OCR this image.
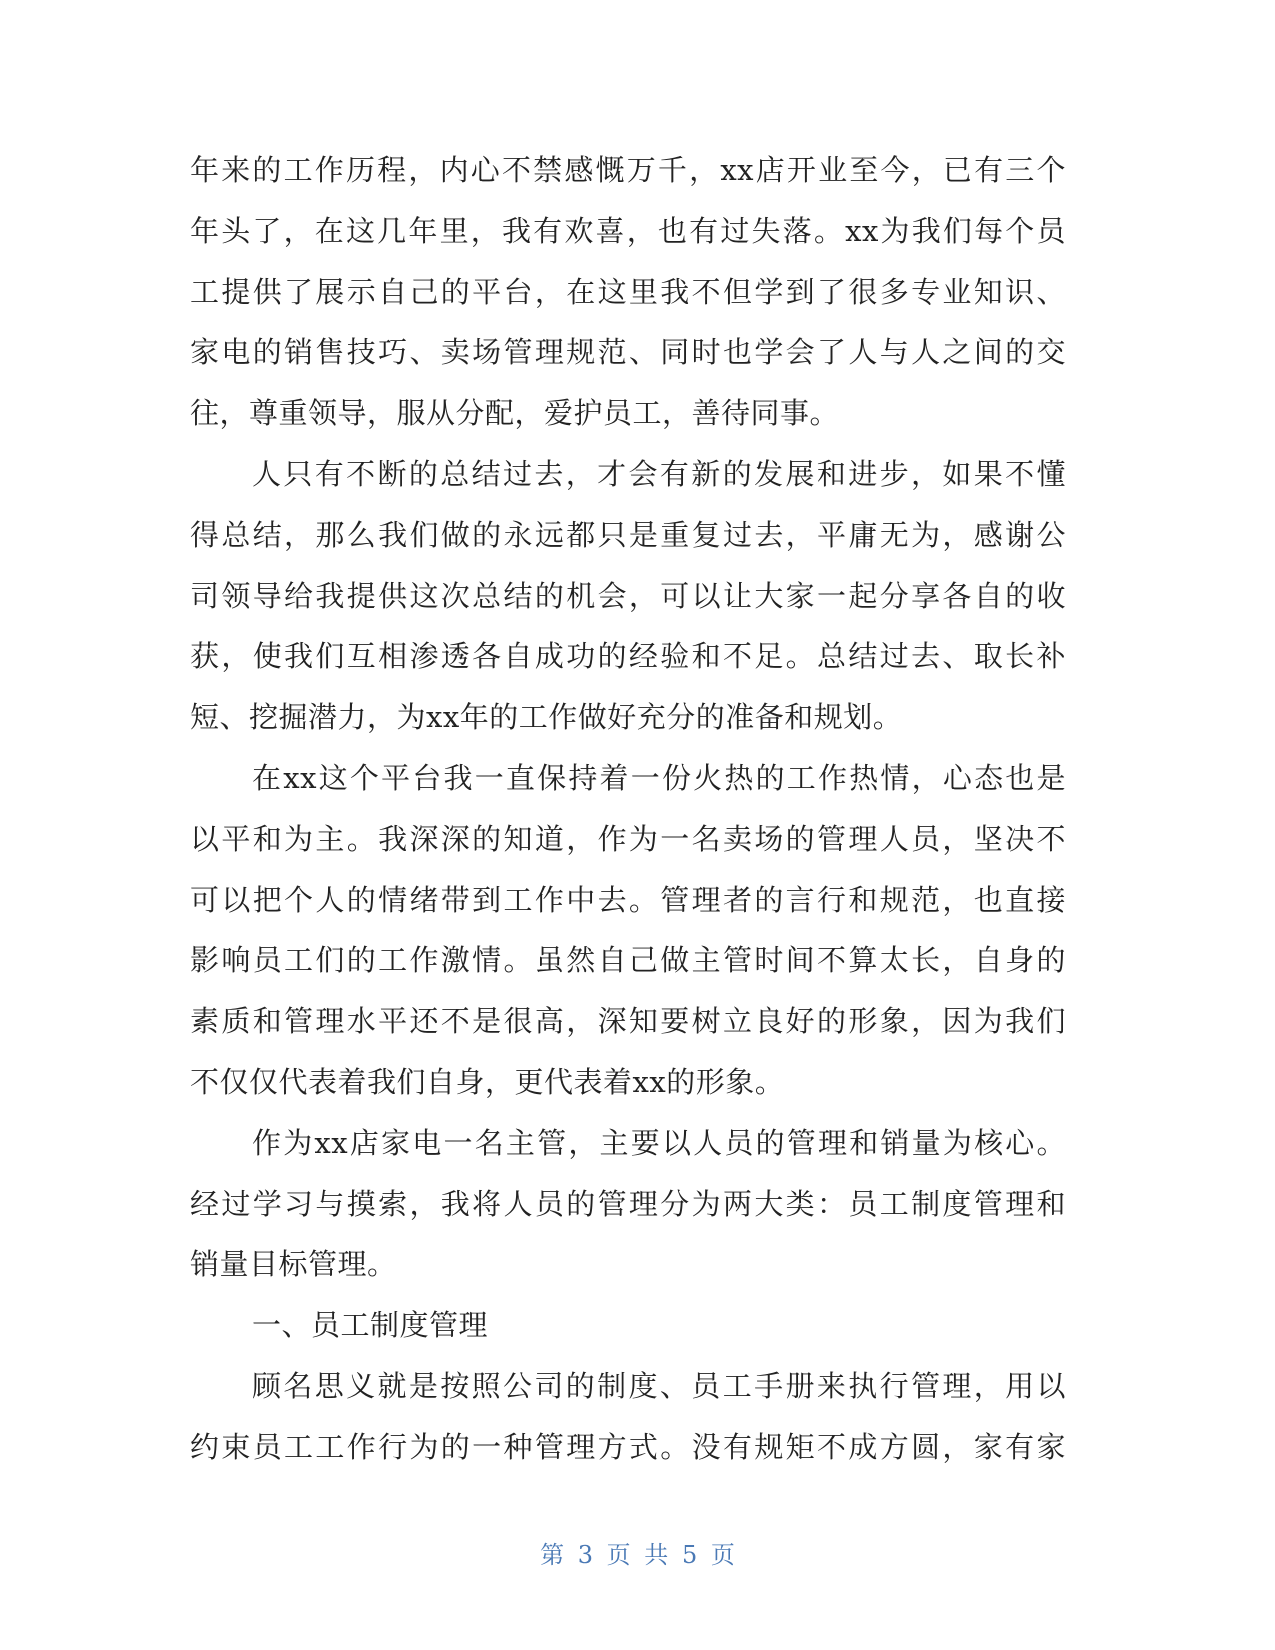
年来的工作历程，内心不禁感慨万千，xx店开业至今，已有三个
年头了，在这几年里，我有欢喜，也有过失落。xx为我们每个员
工提供了展示自己的平台，在这里我不但学到了很多专业知识、
家电的销售技巧、卖场管理规范、同时也学会了人与人之间的交
往，尊重领导，服从分配，爱护员工，善待同事。
人只有不断的总结过去，才会有新的发展和进步，如果不懂
得总结，那么我们做的永远都只是重复过去，平庸无为，感谢公
司领导给我提供这次总结的机会，可以让大家一起分享各自的收
获，使我们互相渗透各自成功的经验和不足。总结过去、取长补
短、挖掘潜力，为xx年的工作做好充分的准备和规划。
在xx这个平台我一直保持着一份火热的工作热情，心态也是
以平和为主。我深深的知道，作为一名卖场的管理人员，坚决不
可以把个人的情绪带到工作中去。管理者的言行和规范，也直接
影响员工们的工作激情。虽然自己做主管时间不算太长，自身的
素质和管理水平还不是很高，深知要树立良好的形象，因为我们
不仅仅代表着我们自身，更代表着xx的形象。
作为xx店家电一名主管，主要以人员的管理和销量为核心。
经过学习与摸索，我将人员的管理分为两大类：员工制度管理和
销量目标管理。
一、员工制度管理
顾名思义就是按照公司的制度、员工手册来执行管理，用以
约束员工工作行为的一种管理方式。没有规矩不成方圆，家有家
第 3 页 共 5 页
